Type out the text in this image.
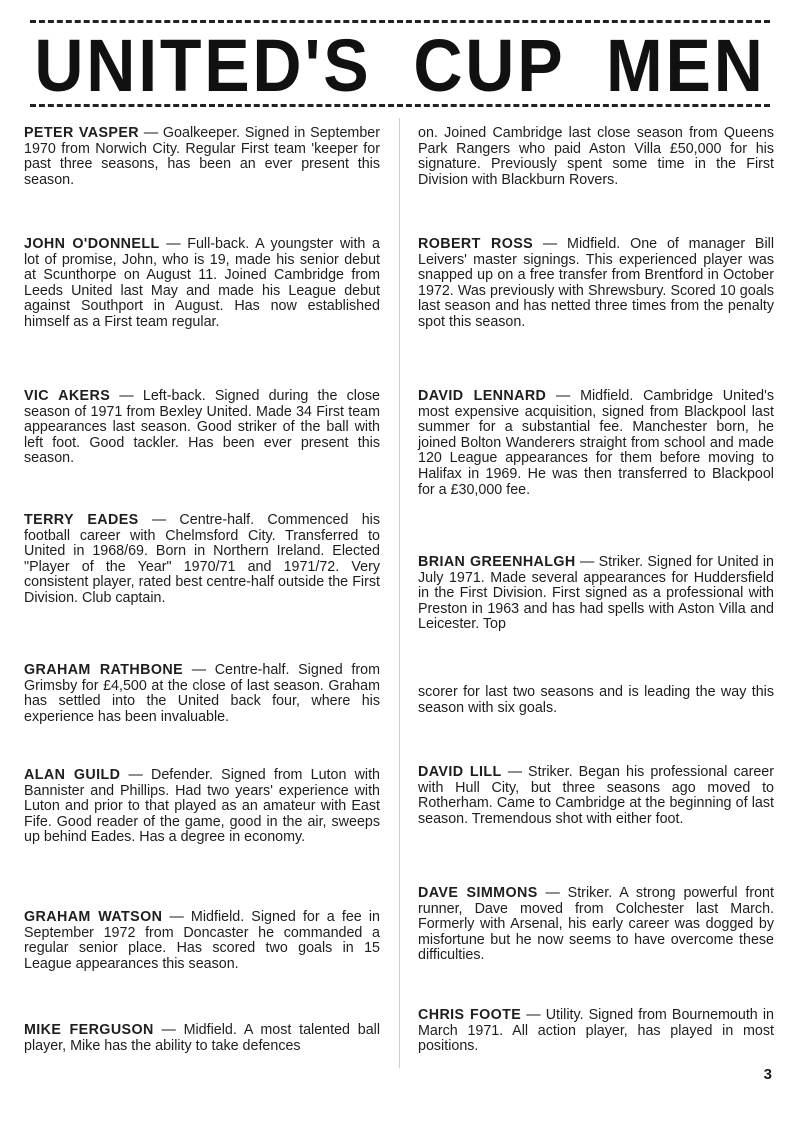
UNITED'S CUP MEN
PETER VASPER — Goalkeeper. Signed in September 1970 from Norwich City. Regular First team 'keeper for past three seasons, has been an ever present this season.
JOHN O'DONNELL — Full-back. A youngster with a lot of promise, John, who is 19, made his senior debut at Scunthorpe on August 11. Joined Cambridge from Leeds United last May and made his League debut against Southport in August. Has now established himself as a First team regular.
VIC AKERS — Left-back. Signed during the close season of 1971 from Bexley United. Made 34 First team appearances last season. Good striker of the ball with left foot. Good tackler. Has been ever present this season.
TERRY EADES — Centre-half. Commenced his football career with Chelmsford City. Transferred to United in 1968/69. Born in Northern Ireland. Elected "Player of the Year" 1970/71 and 1971/72. Very consistent player, rated best centre-half outside the First Division. Club captain.
GRAHAM RATHBONE — Centre-half. Signed from Grimsby for £4,500 at the close of last season. Graham has settled into the United back four, where his experience has been invaluable.
ALAN GUILD — Defender. Signed from Luton with Bannister and Phillips. Had two years' experience with Luton and prior to that played as an amateur with East Fife. Good reader of the game, good in the air, sweeps up behind Eades. Has a degree in economy.
GRAHAM WATSON — Midfield. Signed for a fee in September 1972 from Doncaster he commanded a regular senior place. Has scored two goals in 15 League appearances this season.
MIKE FERGUSON — Midfield. A most talented ball player, Mike has the ability to take defences
on. Joined Cambridge last close season from Queens Park Rangers who paid Aston Villa £50,000 for his signature. Previously spent some time in the First Division with Blackburn Rovers.
ROBERT ROSS — Midfield. One of manager Bill Leivers' master signings. This experienced player was snapped up on a free transfer from Brentford in October 1972. Was previously with Shrewsbury. Scored 10 goals last season and has netted three times from the penalty spot this season.
DAVID LENNARD — Midfield. Cambridge United's most expensive acquisition, signed from Blackpool last summer for a substantial fee. Manchester born, he joined Bolton Wanderers straight from school and made 120 League appearances for them before moving to Halifax in 1969. He was then transferred to Blackpool for a £30,000 fee.
BRIAN GREENHALGH — Striker. Signed for United in July 1971. Made several appearances for Huddersfield in the First Division. First signed as a professional with Preston in 1963 and has had spells with Aston Villa and Leicester. Top
scorer for last two seasons and is leading the way this season with six goals.
DAVID LILL — Striker. Began his professional career with Hull City, but three seasons ago moved to Rotherham. Came to Cambridge at the beginning of last season. Tremendous shot with either foot.
DAVE SIMMONS — Striker. A strong powerful front runner, Dave moved from Colchester last March. Formerly with Arsenal, his early career was dogged by misfortune but he now seems to have overcome these difficulties.
CHRIS FOOTE — Utility. Signed from Bournemouth in March 1971. All action player, has played in most positions.
3
